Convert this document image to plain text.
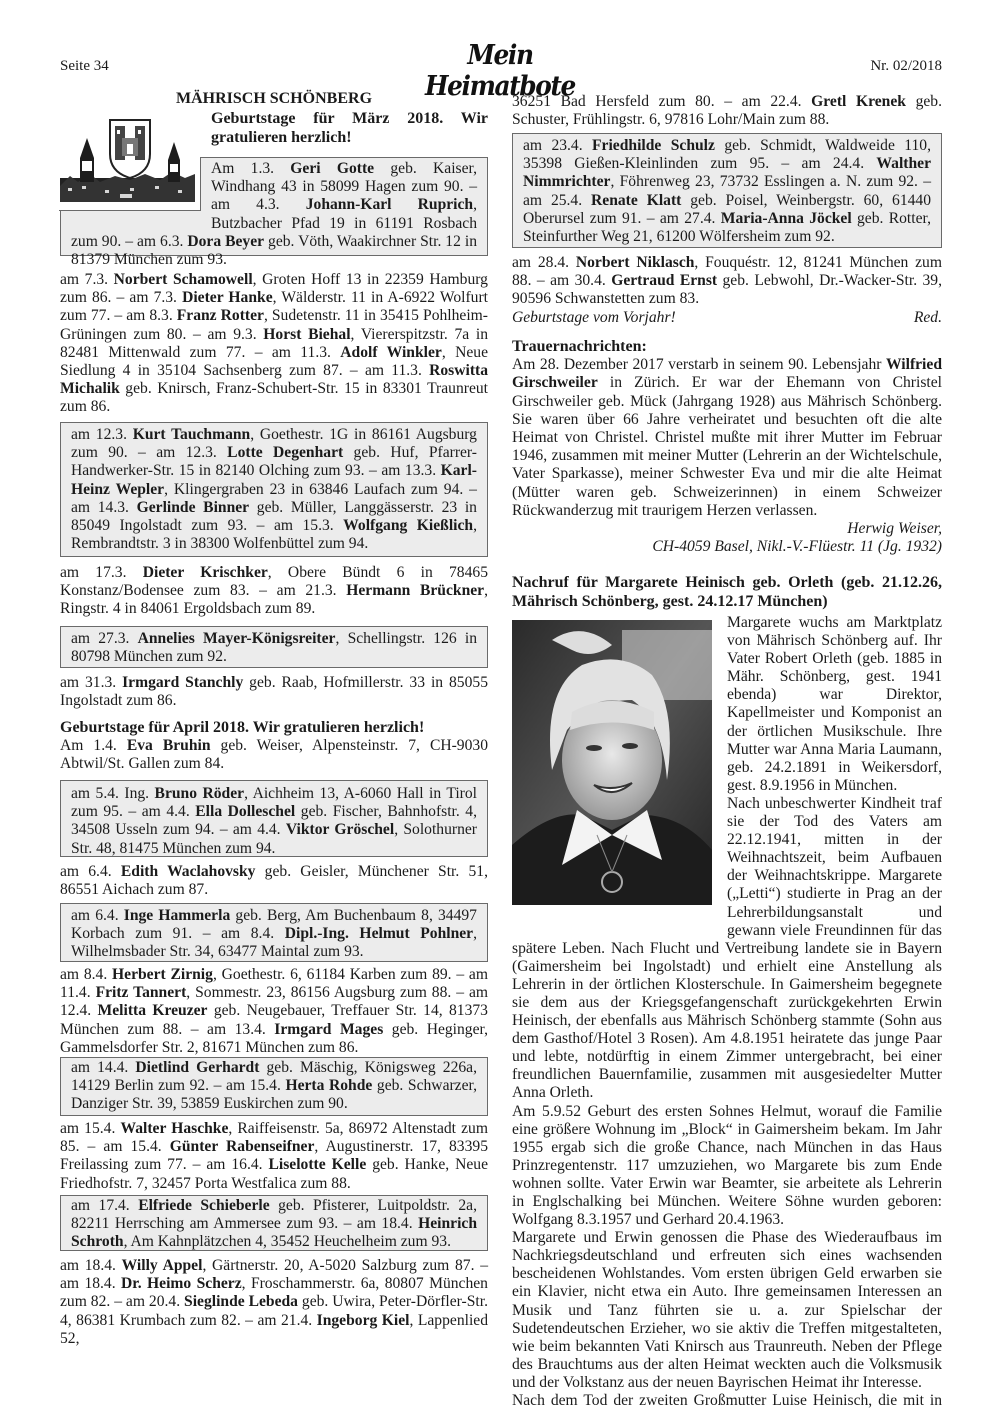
Seite 34	Mein Heimatbote
Nr. 02/2018
MÄHRISCH SCHÖNBERG
Am 1.3. Geri Gotte geb. Kaiser, Windhang 43 in 58099 Hagen zum 90. – am 4.3. Johann-Karl Ruprich, Butzbacher Pfad 19 in 61191 Rosbach zum 90. – am 6.3. Dora Beyer geb. Vöth, Waakirchner Str. 12 in 81379 München zum 93.
Geburtstage für März 2018. Wir gratulieren herzlich!
am 7.3. Norbert Schamowell, Groten Hoff 13 in 22359 Hamburg zum 86. – am 7.3. Dieter Hanke, Wälderstr. 11 in A-6922 Wolfurt zum 77. – am 8.3. Franz Rotter, Sudetenstr. 11 in 35415 Pohlheim-Grüningen zum 80. – am 9.3. Horst Biehal, Viererspitzstr. 7a in 82481 Mittenwald zum 77. – am 11.3. Adolf Winkler, Neue Siedlung 4 in 35104 Sachsenberg zum 87. – am 11.3. Roswitta Michalik geb. Knirsch, Franz-Schubert-Str. 15 in 83301 Traunreut zum 86.
am 12.3. Kurt Tauchmann, Goethestr. 1G in 86161 Augsburg zum 90. – am 12.3. Lotte Degenhart geb. Huf, Pfarrer-Handwerker-Str. 15 in 82140 Olching zum 93. – am 13.3. Karl-Heinz Wepler, Klingergraben 23 in 63846 Laufach zum 94. – am 14.3. Gerlinde Binner geb. Müller, Langgässerstr. 23 in 85049 Ingolstadt zum 93. – am 15.3. Wolfgang Kießlich, Rembrandtstr. 3 in 38300 Wolfenbüttel zum 94.
am 17.3. Dieter Krischker, Obere Bündt 6 in 78465 Konstanz/Bodensee zum 83. – am 21.3. Hermann Brückner, Ringstr. 4 in 84061 Ergoldsbach zum 89.
am 27.3. Annelies Mayer-Königsreiter, Schellingstr. 126 in 80798 München zum 92.
am 31.3. Irmgard Stanchly geb. Raab, Hofmillerstr. 33 in 85055 Ingolstadt zum 86.
Geburtstage für April 2018. Wir gratulieren herzlich!
Am 1.4. Eva Bruhin geb. Weiser, Alpensteinstr. 7, CH-9030 Abtwil/St. Gallen zum 84.
am 5.4. Ing. Bruno Röder, Aichheim 13, A-6060 Hall in Tirol zum 95. – am 4.4. Ella Dolleschel geb. Fischer, Bahnhofstr. 4, 34508 Usseln zum 94. – am 4.4. Viktor Gröschel, Solothurner Str. 48, 81475 München zum 94.
am 6.4. Edith Waclahovsky geb. Geisler, Münchener Str. 51, 86551 Aichach zum 87.
am 6.4. Inge Hammerla geb. Berg, Am Buchenbaum 8, 34497 Korbach zum 91. – am 8.4. Dipl.-Ing. Helmut Pohlner, Wilhelmsbader Str. 34, 63477 Maintal zum 93.
am 8.4. Herbert Zirnig, Goethestr. 6, 61184 Karben zum 89. – am 11.4. Fritz Tannert, Sommestr. 23, 86156 Augsburg zum 88. – am 12.4. Melitta Kreuzer geb. Neugebauer, Treffauer Str. 14, 81373 München zum 88. – am 13.4. Irmgard Mages geb. Heginger, Gammelsdorfer Str. 2, 81671 München zum 86.
am 14.4. Dietlind Gerhardt geb. Mäschig, Königsweg 226a, 14129 Berlin zum 92. – am 15.4. Herta Rohde geb. Schwarzer, Danziger Str. 39, 53859 Euskirchen zum 90.
am 15.4. Walter Haschke, Raiffeisenstr. 5a, 86972 Altenstadt zum 85. – am 15.4. Günter Rabenseifner, Augustinerstr. 17, 83395 Freilassing zum 77. – am 16.4. Liselotte Kelle geb. Hanke, Neue Friedhofstr. 7, 32457 Porta Westfalica zum 88.
am 17.4. Elfriede Schieberle geb. Pfisterer, Luitpoldstr. 2a, 82211 Herrsching am Ammersee zum 93. – am 18.4. Heinrich Schroth, Am Kahnplätzchen 4, 35452 Heuchelheim zum 93.
am 18.4. Willy Appel, Gärtnerstr. 20, A-5020 Salzburg zum 87. – am 18.4. Dr. Heimo Scherz, Froschammerstr. 6a, 80807 München zum 82. – am 20.4. Sieglinde Lebeda geb. Uwira, Peter-Dörfler-Str. 4, 86381 Krumbach zum 82. – am 21.4. Ingeborg Kiel, Lappenlied 52,
36251 Bad Hersfeld zum 80. – am 22.4. Gretl Krenek geb. Schuster, Frühlingstr. 6, 97816 Lohr/Main zum 88.
am 23.4. Friedhilde Schulz geb. Schmidt, Waldweide 110, 35398 Gießen-Kleinlinden zum 95. – am 24.4. Walther Nimmrichter, Föhrenweg 23, 73732 Esslingen a. N. zum 92. – am 25.4. Renate Klatt geb. Poisel, Weinbergstr. 60, 61440 Oberursel zum 91. – am 27.4. Maria-Anna Jöckel geb. Rotter, Steinfurther Weg 21, 61200 Wölfersheim zum 92.
am 28.4. Norbert Niklasch, Fouquéstr. 12, 81241 München zum 88. – am 30.4. Gertraud Ernst geb. Lebwohl, Dr.-Wacker-Str. 39, 90596 Schwanstetten zum 83.
Geburtstage vom Vorjahr!	Red.
Trauernachrichten:
Am 28. Dezember 2017 verstarb in seinem 90. Lebensjahr Wilfried Girschweiler in Zürich. Er war der Ehemann von Christel Girschweiler geb. Mück (Jahrgang 1928) aus Mährisch Schönberg. Sie waren über 66 Jahre verheiratet und besuchten oft die alte Heimat von Christel. Christel mußte mit ihrer Mutter im Februar 1946, zusammen mit meiner Mutter (Lehrerin an der Wichtelschule, Vater Sparkasse), meiner Schwester Eva und mir die alte Heimat (Mütter waren geb. Schweizerinnen) in einem Schweizer Rückwanderzug mit traurigem Herzen verlassen.
Herwig Weiser,
CH-4059 Basel, Nikl.-V.-Flüestr. 11 (Jg. 1932)
Nachruf für Margarete Heinisch geb. Orleth (geb. 21.12.26, Mährisch Schönberg, gest. 24.12.17 München)
Margarete wuchs am Marktplatz von Mährisch Schönberg auf. Ihr Vater Robert Orleth (geb. 1885 in Mähr. Schönberg, gest. 1941 ebenda) war Direktor, Kapellmeister und Komponist an der örtlichen Musikschule. Ihre Mutter war Anna Maria Laumann, geb. 24.2.1891 in Weikersdorf, gest. 8.9.1956 in München.
Nach unbeschwerter Kindheit traf sie der Tod des Vaters am 22.12.1941, mitten in der Weihnachtszeit, beim Aufbauen der Weihnachtskrippe. Margarete („Letti“) studierte in Prag an der Lehrerbildungsanstalt und gewann viele Freundinnen für das spätere Leben. Nach Flucht und Vertreibung landete sie in Bayern (Gaimersheim bei Ingolstadt) und erhielt eine Anstellung als Lehrerin in der örtlichen Klosterschule. In Gaimersheim begegnete sie dem aus der Kriegsgefangenschaft zurückgekehrten Erwin Heinisch, der ebenfalls aus Mährisch Schönberg stammte (Sohn aus dem Gasthof/Hotel 3 Rosen). Am 4.8.1951 heiratete das junge Paar und lebte, notdürftig in einem Zimmer untergebracht, bei einer freundlichen Bauernfamilie, zusammen mit ausgesiedelter Mutter Anna Orleth.
Am 5.9.52 Geburt des ersten Sohnes Helmut, worauf die Familie eine größere Wohnung im „Block“ in Gaimersheim bekam. Im Jahr 1955 ergab sich die große Chance, nach München in das Haus Prinzregentenstr. 117 umzuziehen, wo Margarete bis zum Ende wohnen sollte. Vater Erwin war Beamter, sie arbeitete als Lehrerin in Englschalking bei München. Weitere Söhne wurden geboren: Wolfgang 8.3.1957 und Gerhard 20.4.1963.
Margarete und Erwin genossen die Phase des Wiederaufbaus im Nachkriegsdeutschland und erfreuten sich eines wachsenden bescheidenen Wohlstandes. Vom ersten übrigen Geld erwarben sie ein Klavier, nicht etwa ein Auto. Ihre gemeinsamen Interessen an Musik und Tanz führten sie u. a. zur Spielschar der Sudetendeutschen Erzieher, wo sie aktiv die Treffen mitgestalteten, wie beim bekannten Vati Knirsch aus Traunreuth. Neben der Pflege des Brauchtums aus der alten Heimat weckten auch die Volksmusik und der Volkstanz aus der neuen Bayrischen Heimat ihr Interesse.
Nach dem Tod der zweiten Großmutter Luise Heinisch, die mit in
